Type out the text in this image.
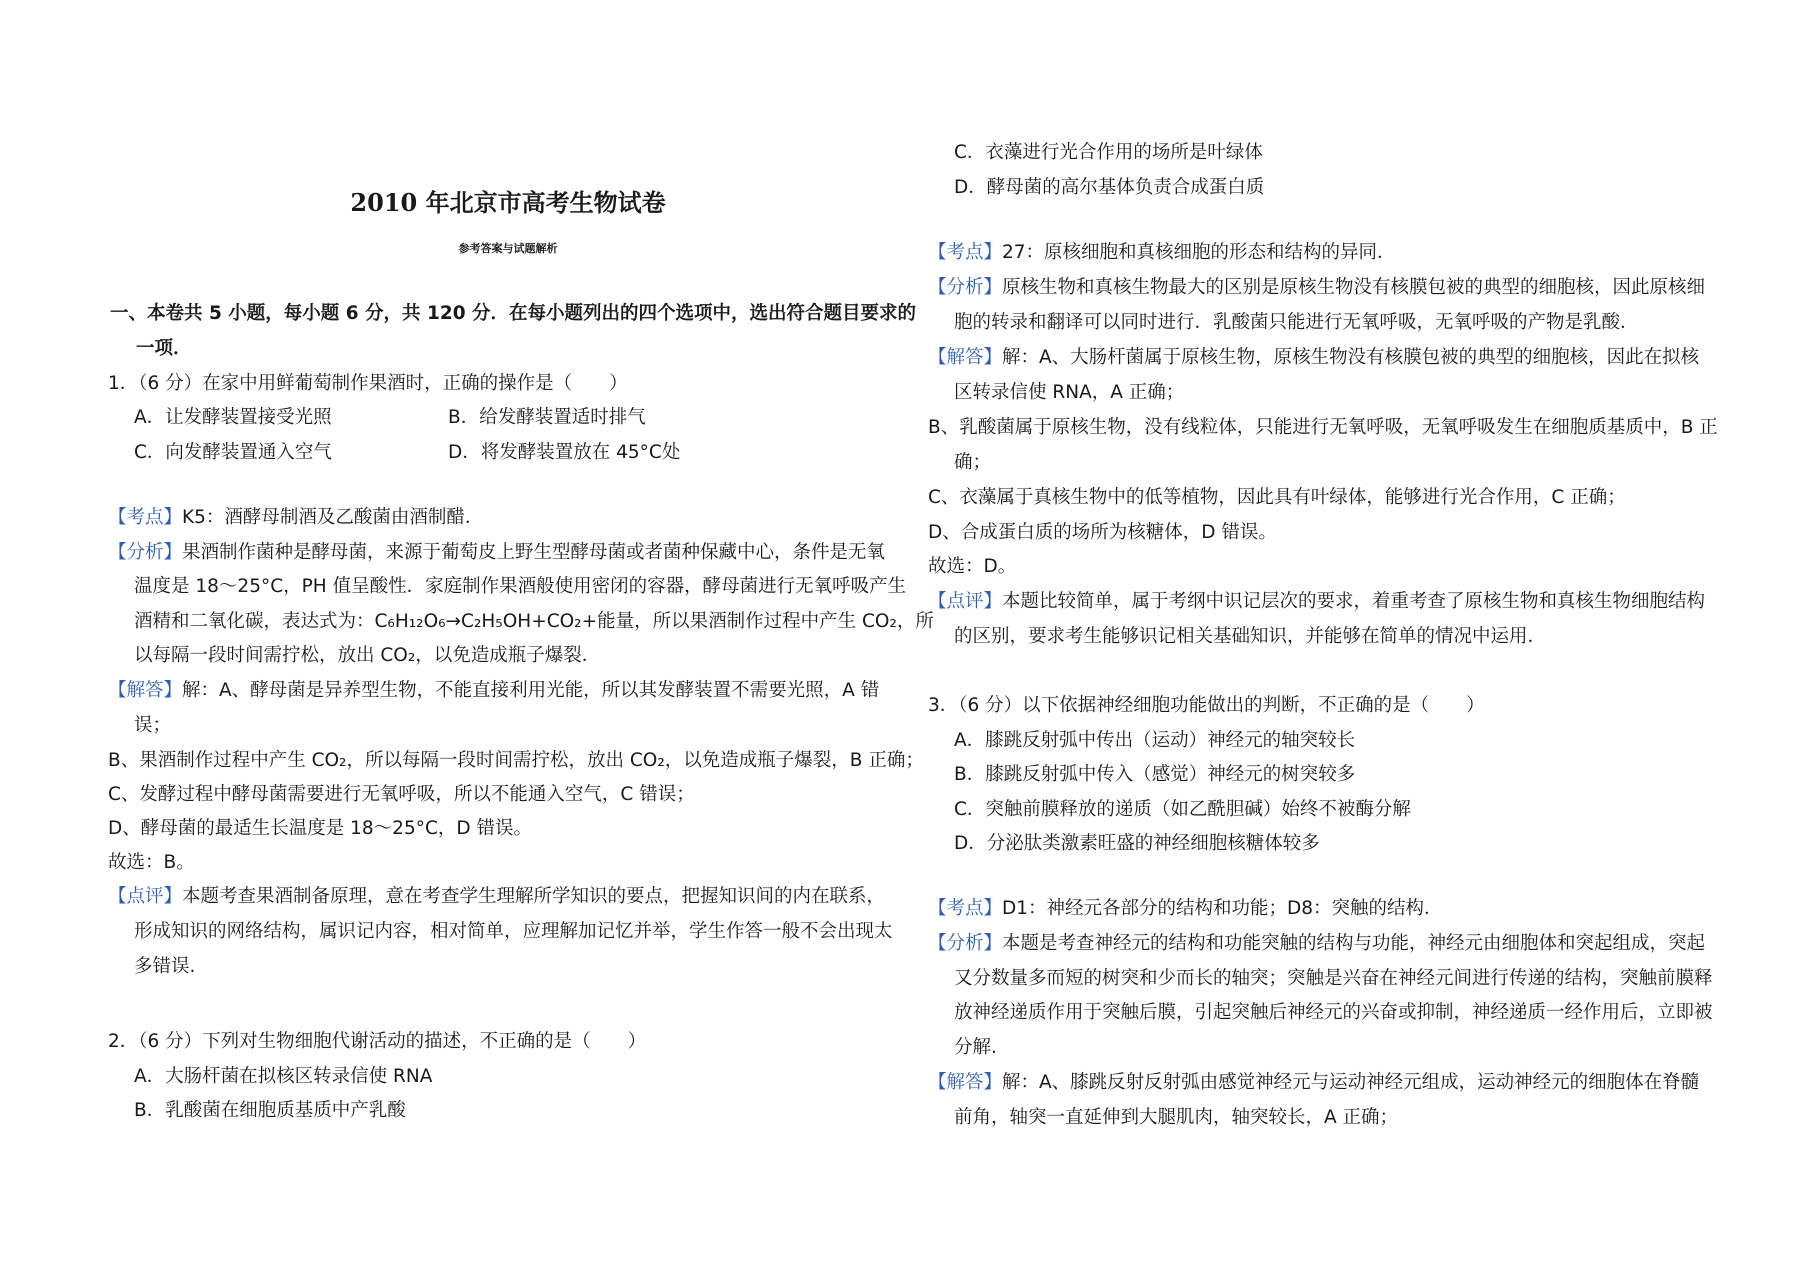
2010 年北京市高考生物试卷
参考答案与试题解析
一、本卷共 5 小题，每小题 6 分，共 120 分．在每小题列出的四个选项中，选出符合题目要求的
一项．
1．（6 分）在家中用鲜葡萄制作果酒时，正确的操作是（　　）
A．让发酵装置接受光照	B．给发酵装置适时排气
C．向发酵装置通入空气	D．将发酵装置放在 45°C处
【考点】K5：酒酵母制酒及乙酸菌由酒制醋．
【分析】果酒制作菌种是酵母菌，来源于葡萄皮上野生型酵母菌或者菌种保藏中心，条件是无氧
温度是 18～25°C，PH 值呈酸性．家庭制作果酒般使用密闭的容器，酵母菌进行无氧呼吸产生
酒精和二氧化碳，表达式为：C₆H₁₂O₆→C₂H₅OH+CO₂+能量，所以果酒制作过程中产生 CO₂，所
以每隔一段时间需拧松，放出 CO₂，以免造成瓶子爆裂．
【解答】解：A、酵母菌是异养型生物，不能直接利用光能，所以其发酵装置不需要光照，A 错
误；
B、果酒制作过程中产生 CO₂，所以每隔一段时间需拧松，放出 CO₂，以免造成瓶子爆裂，B 正确；
C、发酵过程中酵母菌需要进行无氧呼吸，所以不能通入空气，C 错误；
D、酵母菌的最适生长温度是 18～25°C，D 错误。
故选：B。
【点评】本题考查果酒制备原理，意在考查学生理解所学知识的要点，把握知识间的内在联系，
形成知识的网络结构，属识记内容，相对简单，应理解加记忆并举，学生作答一般不会出现太
多错误.
2．（6 分）下列对生物细胞代谢活动的描述，不正确的是（　　）
A．大肠杆菌在拟核区转录信使 RNA
B．乳酸菌在细胞质基质中产乳酸
C．衣藻进行光合作用的场所是叶绿体
D．酵母菌的高尔基体负责合成蛋白质
【考点】27：原核细胞和真核细胞的形态和结构的异同．
【分析】原核生物和真核生物最大的区别是原核生物没有核膜包被的典型的细胞核，因此原核细
胞的转录和翻译可以同时进行．乳酸菌只能进行无氧呼吸，无氧呼吸的产物是乳酸．
【解答】解：A、大肠杆菌属于原核生物，原核生物没有核膜包被的典型的细胞核，因此在拟核
区转录信使 RNA，A 正确；
B、乳酸菌属于原核生物，没有线粒体，只能进行无氧呼吸，无氧呼吸发生在细胞质基质中，B 正
确；
C、衣藻属于真核生物中的低等植物，因此具有叶绿体，能够进行光合作用，C 正确；
D、合成蛋白质的场所为核糖体，D 错误。
故选：D。
【点评】本题比较简单，属于考纲中识记层次的要求，着重考查了原核生物和真核生物细胞结构
的区别，要求考生能够识记相关基础知识，并能够在简单的情况中运用．
3．（6 分）以下依据神经细胞功能做出的判断，不正确的是（　　）
A．膝跳反射弧中传出（运动）神经元的轴突较长
B．膝跳反射弧中传入（感觉）神经元的树突较多
C．突触前膜释放的递质（如乙酰胆碱）始终不被酶分解
D．分泌肽类激素旺盛的神经细胞核糖体较多
【考点】D1：神经元各部分的结构和功能；D8：突触的结构．
【分析】本题是考查神经元的结构和功能突触的结构与功能，神经元由细胞体和突起组成，突起
又分数量多而短的树突和少而长的轴突；突触是兴奋在神经元间进行传递的结构，突触前膜释
放神经递质作用于突触后膜，引起突触后神经元的兴奋或抑制，神经递质一经作用后，立即被
分解.
【解答】解：A、膝跳反射反射弧由感觉神经元与运动神经元组成，运动神经元的细胞体在脊髓
前角，轴突一直延伸到大腿肌肉，轴突较长，A 正确；
